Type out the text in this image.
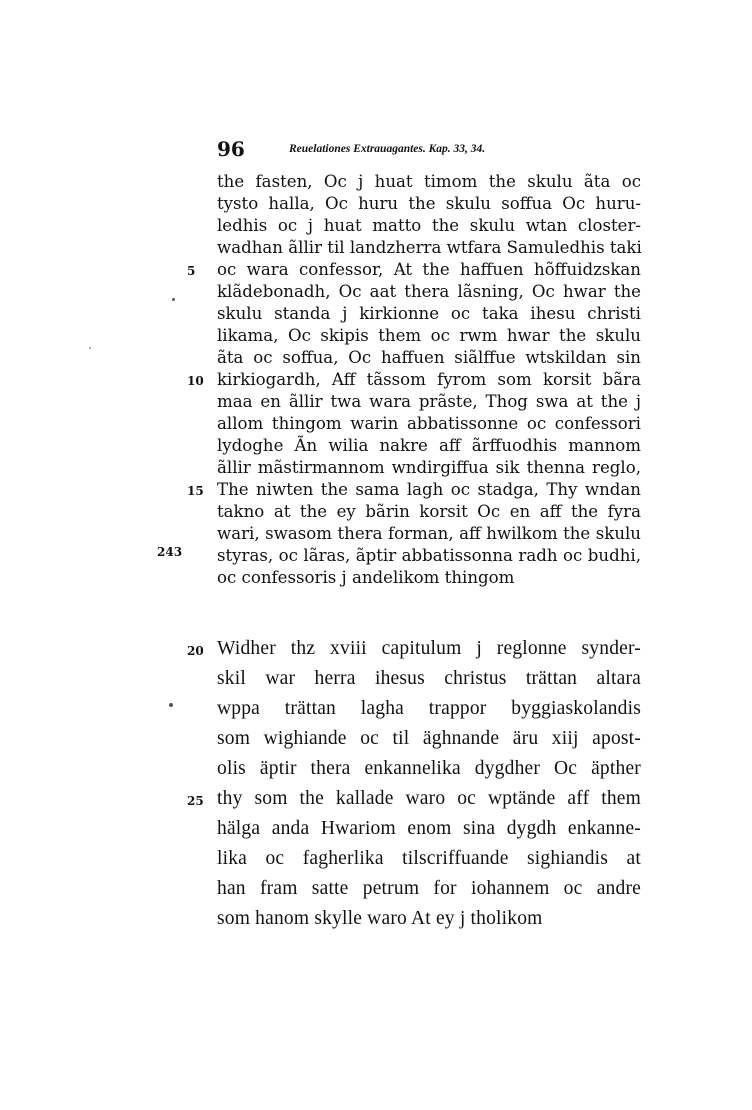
96	Reuelationes Extrauagantes. Kap. 33, 34.
243
the fasten, Oc j huat timom the skulu ãta oc
tysto halla, Oc huru the skulu soffua Oc huru-
ledhis oc j huat matto the skulu wtan closter-
wadhan ãllir til landzherra wtfara Samuledhis taki
5	oc wara confessor, At the haffuen hõffuidzskan
klãdebonadh, Oc aat thera lãsning, Oc hwar the
skulu standa j kirkionne oc taka ihesu christi
likama, Oc skipis them oc rwm hwar the skulu
ãta oc soffua, Oc haffuen siãlffue wtskildan sin
10 kirkiogardh, Aff tãssom fyrom som korsit bãra
maa en ãllir twa wara prãste, Thog swa at the j
allom thingom warin abbatissonne oc confessori
lydoghe Ãn wilia nakre aff ãrffuodhis mannom
ãllir mãstirmannom wndirgiffua sik thenna reglo,
15 The niwten the sama lagh oc stadga, Thy wndan
takno at the ey bãrin korsit Oc en aff the fyra
wari, swasom thera forman, aff hwilkom the skulu
styras, oc lãras, ãptir abbatissonna radh oc budhi,
oc confessoris j andelikom thingom
20 Widher thz xviii capitulum j reglonne synder-
skil war herra ihesus christus trättan altara
wppa trättan lagha trappor byggiaskolandis
som wighiande oc til äghnande äru xiij apost-
olis äptir thera enkannelika dygdher Oc äpther
25 thy som the kallade waro oc wptände aff them
hälga anda Hwariom enom sina dygdh enkanne-
lika oc fagherlika tilscriffuande sighiandis at
han fram satte petrum for iohannem oc andre
som hanom skylle waro At ey j tholikom
